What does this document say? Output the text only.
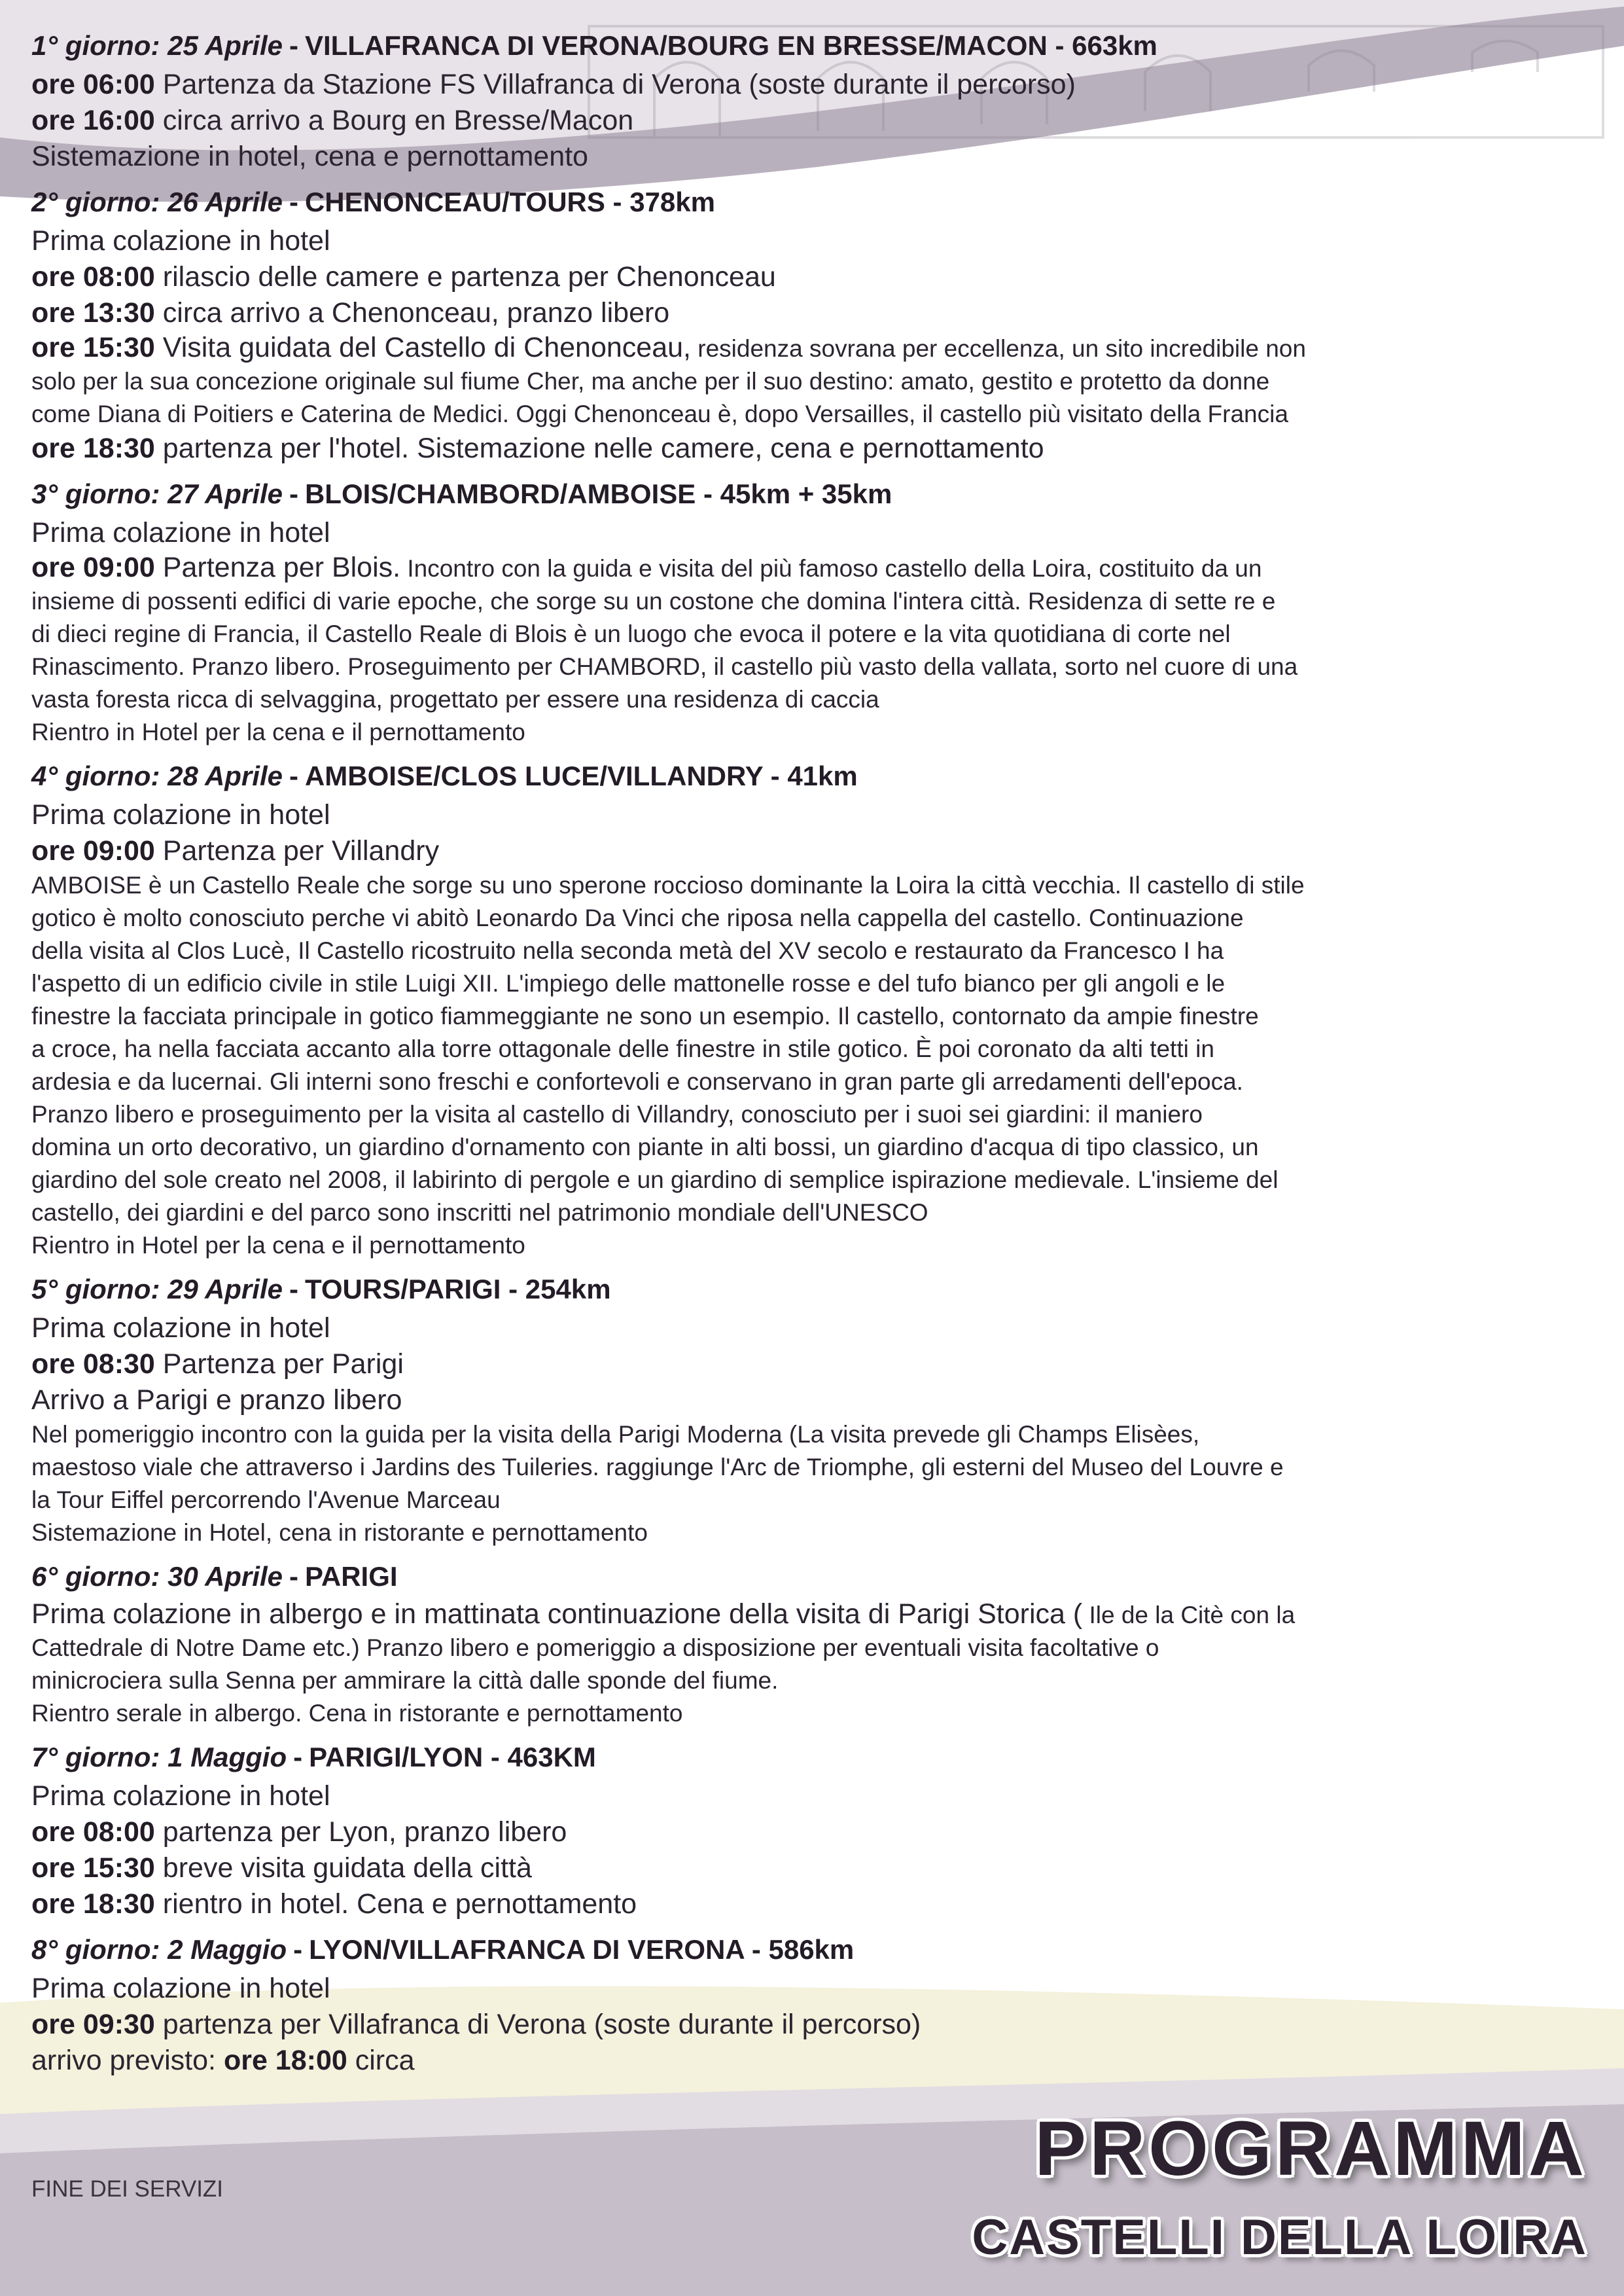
1° giorno: 25 Aprile - VILLAFRANCA DI VERONA/BOURG EN BRESSE/MACON - 663km
ore 06:00 Partenza da Stazione FS Villafranca di Verona (soste durante il percorso)
ore 16:00 circa arrivo a Bourg en Bresse/Macon
Sistemazione in hotel, cena e pernottamento
2° giorno: 26 Aprile - CHENONCEAU/TOURS - 378km
Prima colazione in hotel
ore 08:00 rilascio delle camere e partenza per Chenonceau
ore 13:30 circa arrivo a Chenonceau, pranzo libero
ore 15:30 Visita guidata del Castello di Chenonceau, residenza sovrana per eccellenza, un sito incredibile non
solo per la sua concezione originale sul fiume Cher, ma anche per il suo destino: amato, gestito e protetto da donne
come Diana di Poitiers e Caterina de Medici. Oggi Chenonceau è, dopo Versailles, il castello più visitato della Francia
ore 18:30 partenza per l'hotel. Sistemazione nelle camere, cena e pernottamento
3° giorno: 27 Aprile - BLOIS/CHAMBORD/AMBOISE - 45km + 35km
Prima colazione in hotel
ore 09:00 Partenza per Blois. Incontro con la guida e visita del più famoso castello della Loira, costituito da un
insieme di possenti edifici di varie epoche, che sorge su un costone che domina l'intera città. Residenza di sette re e
di dieci regine di Francia, il Castello Reale di Blois è un luogo che evoca il potere e la vita quotidiana di corte nel
Rinascimento. Pranzo libero. Proseguimento per CHAMBORD, il castello più vasto della vallata, sorto nel cuore di una
vasta foresta ricca di selvaggina, progettato per essere una residenza di caccia
Rientro in Hotel per la cena e il pernottamento
4° giorno: 28 Aprile - AMBOISE/CLOS LUCE/VILLANDRY - 41km
Prima colazione in hotel
ore 09:00 Partenza per Villandry
AMBOISE è un Castello Reale che sorge su uno sperone roccioso dominante la Loira la città vecchia. Il castello di stile
gotico è molto conosciuto perche vi abitò Leonardo Da Vinci che riposa nella cappella del castello. Continuazione
della visita al Clos Lucè, Il Castello ricostruito nella seconda metà del XV secolo e restaurato da Francesco I ha
l'aspetto di un edificio civile in stile Luigi XII. L'impiego delle mattonelle rosse e del tufo bianco per gli angoli e le
finestre la facciata principale in gotico fiammeggiante ne sono un esempio. Il castello, contornato da ampie finestre
a croce, ha nella facciata accanto alla torre ottagonale delle finestre in stile gotico. È poi coronato da alti tetti in
ardesia e da lucernai. Gli interni sono freschi e confortevoli e conservano in gran parte gli arredamenti dell'epoca.
Pranzo libero e proseguimento per la visita al castello di Villandry, conosciuto per i suoi sei giardini: il maniero
domina un orto decorativo, un giardino d'ornamento con piante in alti bossi, un giardino d'acqua di tipo classico, un
giardino del sole creato nel 2008, il labirinto di pergole e un giardino di semplice ispirazione medievale. L'insieme del
castello, dei giardini e del parco sono inscritti nel patrimonio mondiale dell'UNESCO
Rientro in Hotel per la cena e il pernottamento
5° giorno: 29 Aprile - TOURS/PARIGI - 254km
Prima colazione in hotel
ore 08:30 Partenza per Parigi
Arrivo a Parigi e pranzo libero
Nel pomeriggio incontro con la guida per la visita della Parigi Moderna (La visita prevede gli Champs Elisèes,
maestoso viale che attraverso i Jardins des Tuileries. raggiunge l'Arc de Triomphe, gli esterni del Museo del Louvre e
la Tour Eiffel percorrendo l'Avenue Marceau
Sistemazione in Hotel, cena in ristorante e pernottamento
6° giorno: 30 Aprile - PARIGI
Prima colazione in albergo e in mattinata continuazione della visita di Parigi Storica ( Ile de la Citè con la
Cattedrale di Notre Dame etc.) Pranzo libero e pomeriggio a disposizione per eventuali visita facoltative o
minicrociera sulla Senna per ammirare la città dalle sponde del fiume.
Rientro serale in albergo. Cena in ristorante e pernottamento
7° giorno: 1 Maggio - PARIGI/LYON - 463KM
Prima colazione in hotel
ore 08:00 partenza per Lyon, pranzo libero
ore 15:30 breve visita guidata della città
ore 18:30 rientro in hotel. Cena e pernottamento
8° giorno: 2 Maggio - LYON/VILLAFRANCA DI VERONA - 586km
Prima colazione in hotel
ore 09:30 partenza per Villafranca di Verona (soste durante il percorso)
arrivo previsto: ore 18:00 circa
FINE DEI SERVIZI	PROGRAMMA
CASTELLI DELLA LOIRA
